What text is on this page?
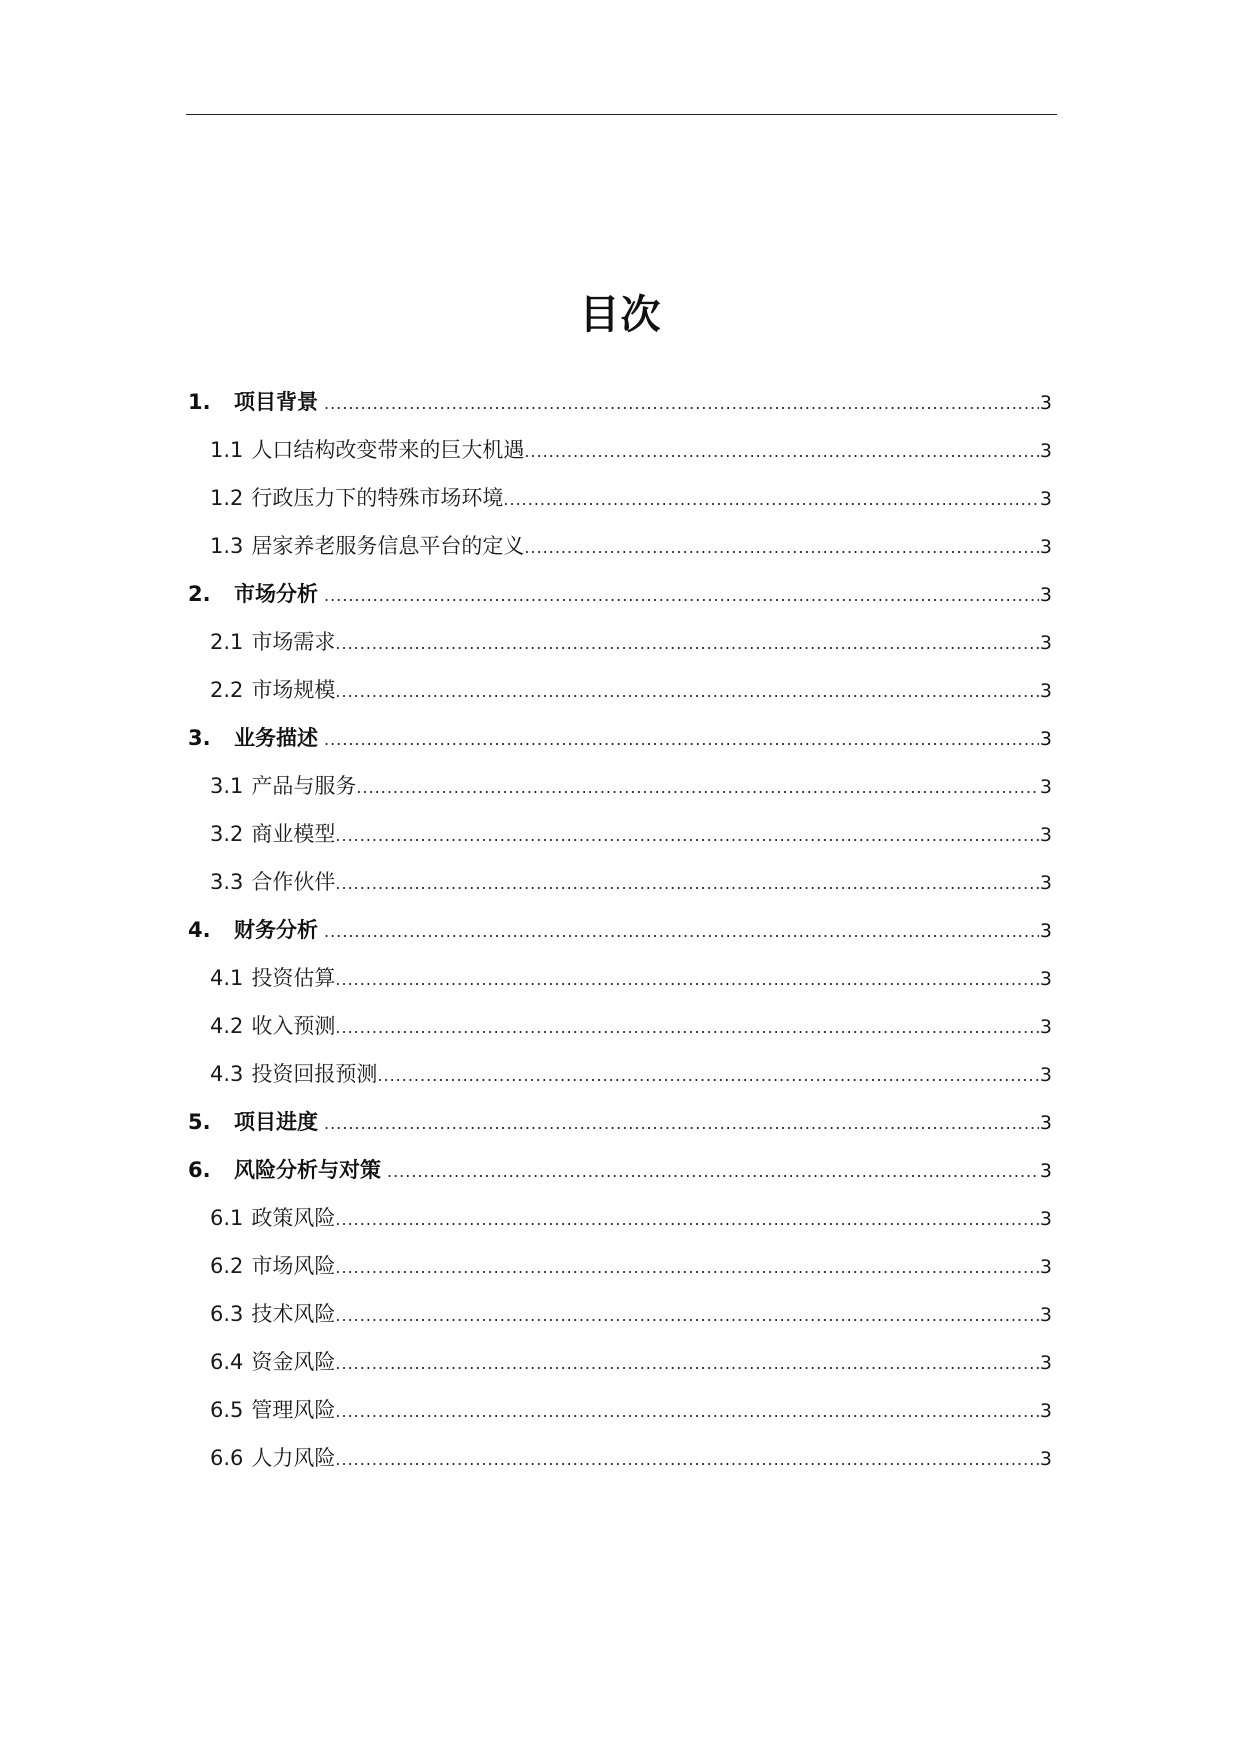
目次
1.	项目背景 .....	3
1.1 人口结构改变带来的巨大机遇 .....	3
1.2 行政压力下的特殊市场环境 .....	3
1.3 居家养老服务信息平台的定义 .....	3
2.	市场分析 .....	3
2.1 市场需求 .....	3
2.2 市场规模 .....	3
3.	业务描述 .....	3
3.1 产品与服务 .....	3
3.2 商业模型 .....	3
3.3 合作伙伴 .....	3
4.	财务分析 .....	3
4.1 投资估算 .....	3
4.2 收入预测 .....	3
4.3 投资回报预测 .....	3
5.	项目进度 .....	3
6.	风险分析与对策 .....	3
6.1 政策风险 .....	3
6.2 市场风险 .....	3
6.3 技术风险 .....	3
6.4 资金风险 .....	3
6.5 管理风险 .....	3
6.6 人力风险 .....	3
